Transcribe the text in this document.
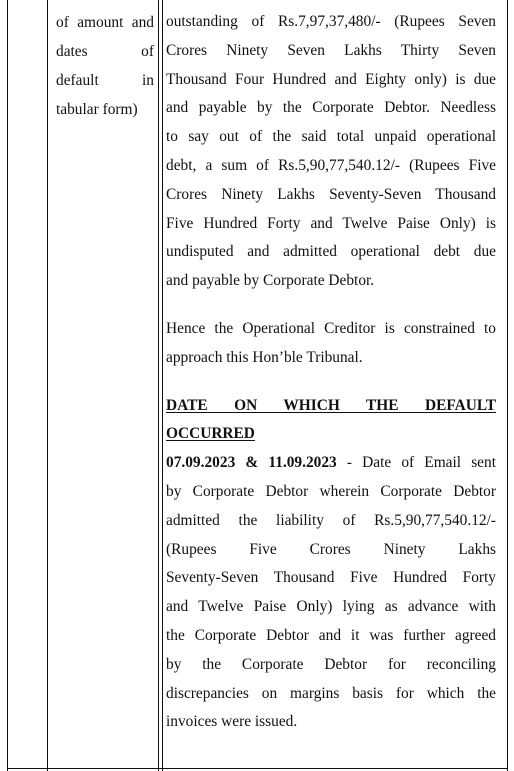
of amount and
dates of
default in
tabular form)
outstanding of Rs.7,97,37,480/- (Rupees Seven
Crores Ninety Seven Lakhs Thirty Seven
Thousand Four Hundred and Eighty only) is due
and payable by the Corporate Debtor. Needless
to say out of the said total unpaid operational
debt, a sum of Rs.5,90,77,540.12/- (Rupees Five
Crores Ninety Lakhs Seventy-Seven Thousand
Five Hundred Forty and Twelve Paise Only) is
undisputed and admitted operational debt due
and payable by Corporate Debtor.
Hence the Operational Creditor is constrained to
approach this Hon’ble Tribunal.
DATE ON WHICH THE DEFAULT
OCCURRED
07.09.2023 & 11.09.2023 - Date of Email sent
by Corporate Debtor wherein Corporate Debtor
admitted the liability of Rs.5,90,77,540.12/-
(Rupees Five Crores Ninety Lakhs
Seventy-Seven Thousand Five Hundred Forty
and Twelve Paise Only) lying as advance with
the Corporate Debtor and it was further agreed
by the Corporate Debtor for reconciling
discrepancies on margins basis for which the
invoices were issued.
